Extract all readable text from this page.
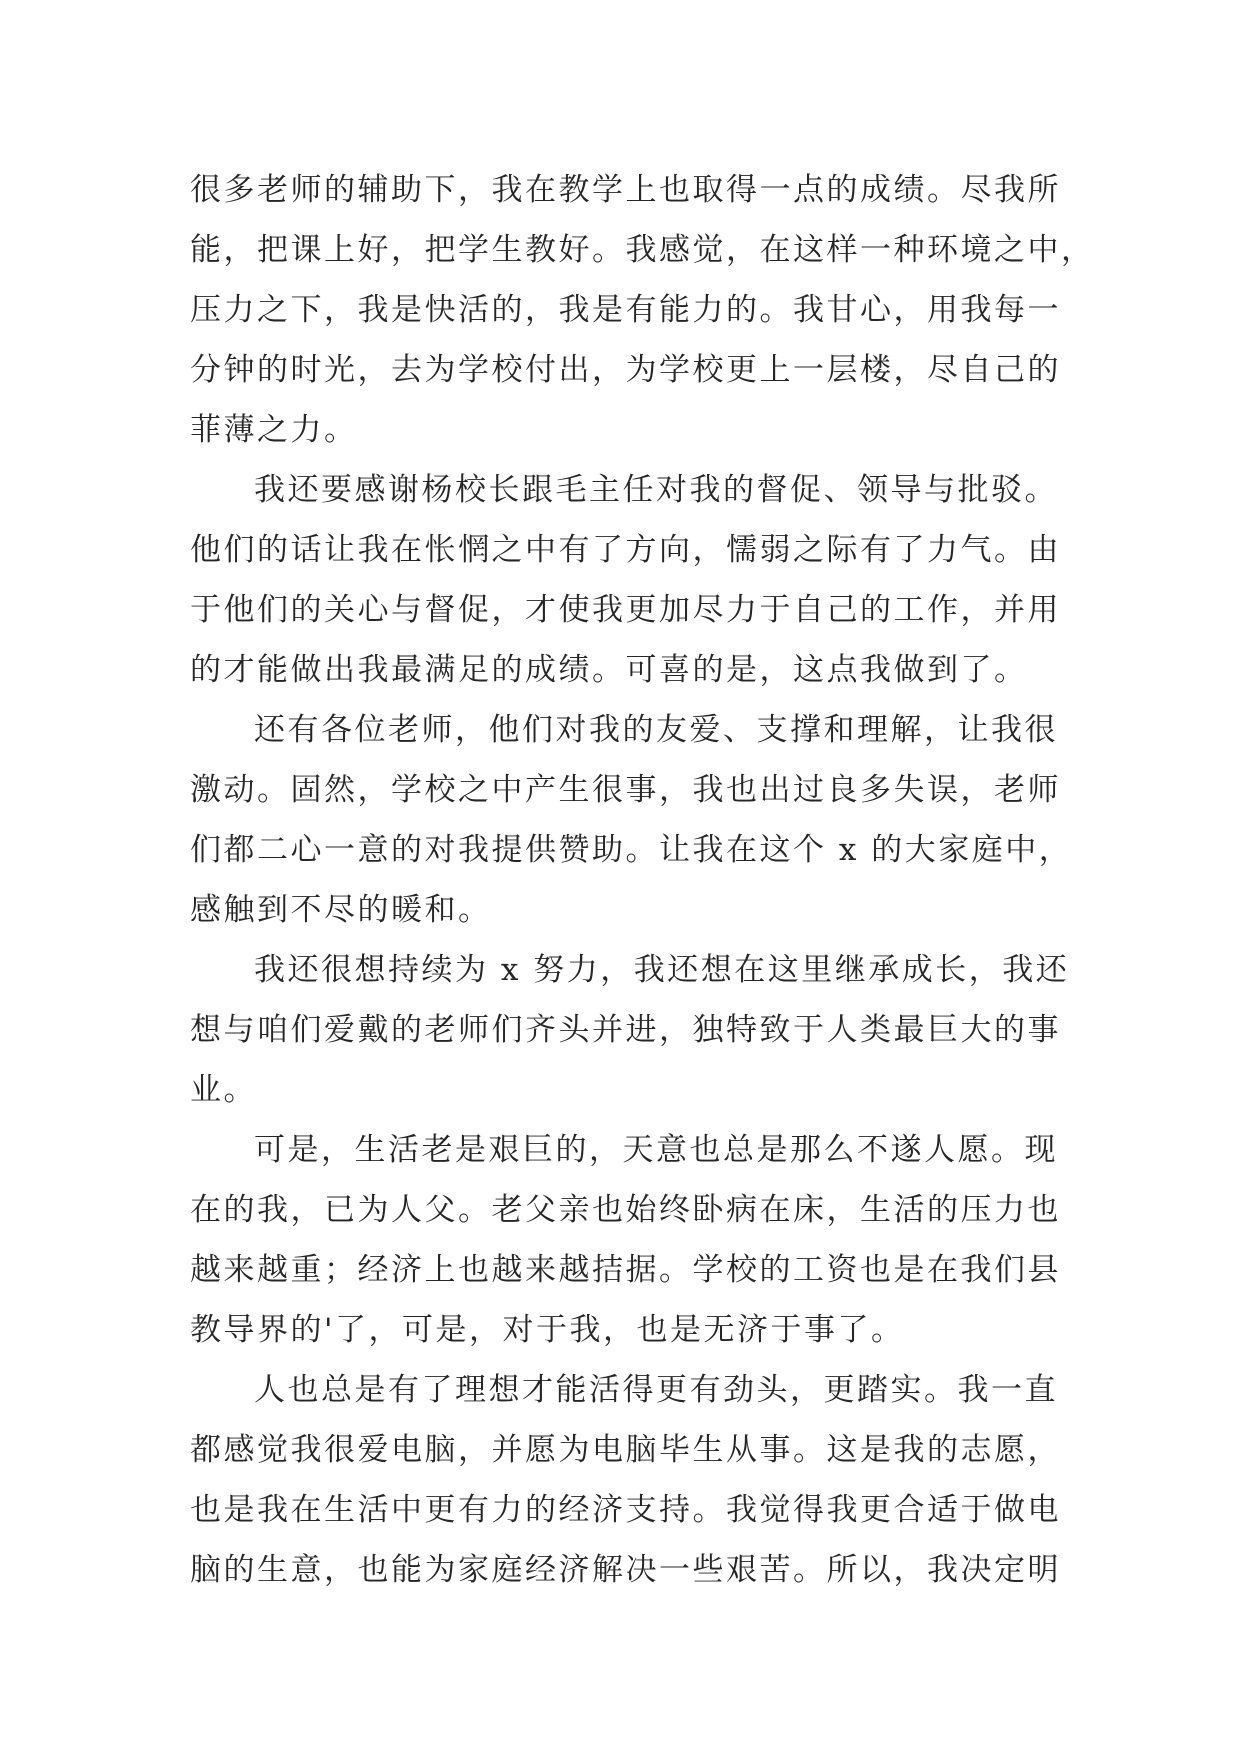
很多老师的辅助下，我在教学上也取得一点的成绩。尽我所
能，把课上好，把学生教好。我感觉，在这样一种环境之中，
压力之下，我是快活的，我是有能力的。我甘心，用我每一
分钟的时光，去为学校付出，为学校更上一层楼，尽自己的
菲薄之力。
我还要感谢杨校长跟毛主任对我的督促、领导与批驳。
他们的话让我在怅惘之中有了方向，懦弱之际有了力气。由
于他们的关心与督促，才使我更加尽力于自己的工作，并用
的才能做出我最满足的成绩。可喜的是，这点我做到了。
还有各位老师，他们对我的友爱、支撑和理解，让我很
激动。固然，学校之中产生很事，我也出过良多失误，老师
们都二心一意的对我提供赞助。让我在这个 x 的大家庭中，
感触到不尽的暖和。
我还很想持续为 x 努力，我还想在这里继承成长，我还
想与咱们爱戴的老师们齐头并进，独特致于人类最巨大的事
业。
可是，生活老是艰巨的，天意也总是那么不遂人愿。现
在的我，已为人父。老父亲也始终卧病在床，生活的压力也
越来越重；经济上也越来越拮据。学校的工资也是在我们县
教导界的'了，可是，对于我，也是无济于事了。
人也总是有了理想才能活得更有劲头，更踏实。我一直
都感觉我很爱电脑，并愿为电脑毕生从事。这是我的志愿，
也是我在生活中更有力的经济支持。我觉得我更合适于做电
脑的生意，也能为家庭经济解决一些艰苦。所以，我决定明
